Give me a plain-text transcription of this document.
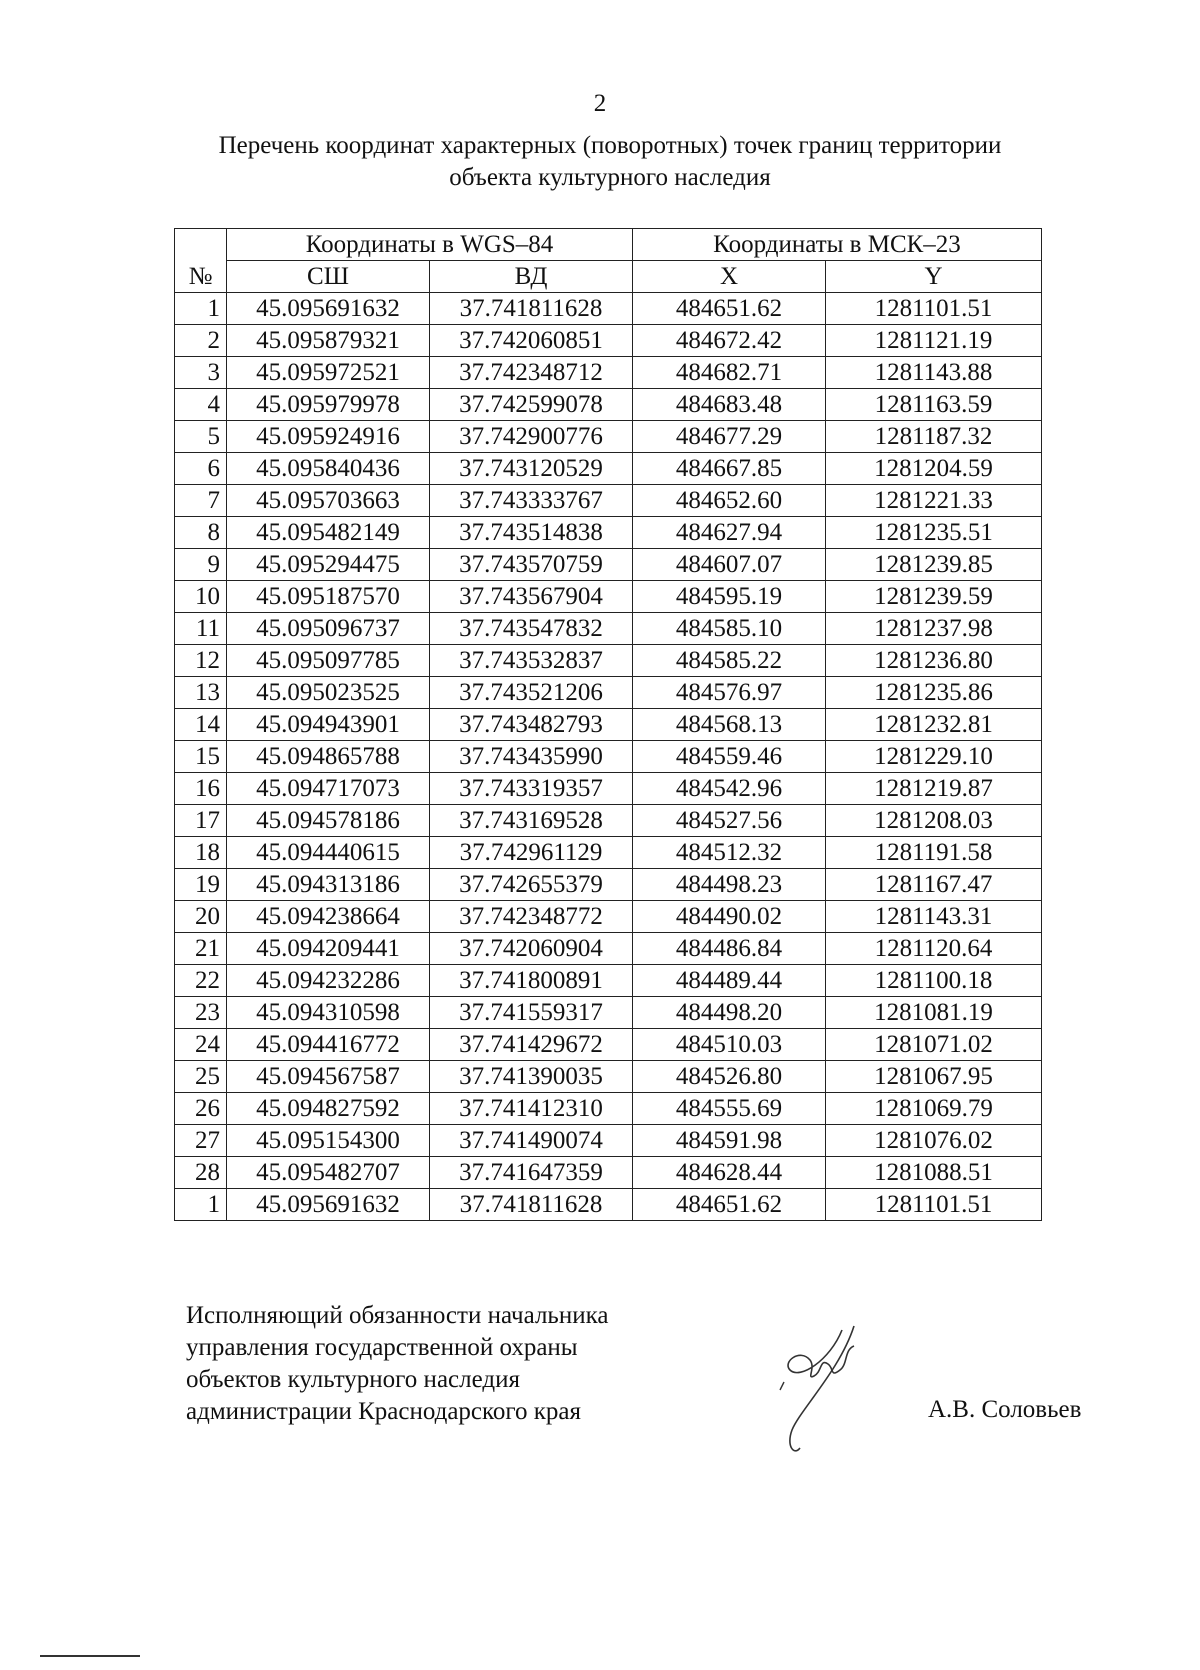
2
Перечень координат характерных (поворотных) точек границ территории
объекта культурного наследия
№	Координаты в WGS–84		Координаты в МСК–23	
	СШ	ВД	X	Y
1	45.095691632	37.741811628	484651.62	1281101.51
2	45.095879321	37.742060851	484672.42	1281121.19
3	45.095972521	37.742348712	484682.71	1281143.88
4	45.095979978	37.742599078	484683.48	1281163.59
5	45.095924916	37.742900776	484677.29	1281187.32
6	45.095840436	37.743120529	484667.85	1281204.59
7	45.095703663	37.743333767	484652.60	1281221.33
8	45.095482149	37.743514838	484627.94	1281235.51
9	45.095294475	37.743570759	484607.07	1281239.85
10	45.095187570	37.743567904	484595.19	1281239.59
11	45.095096737	37.743547832	484585.10	1281237.98
12	45.095097785	37.743532837	484585.22	1281236.80
13	45.095023525	37.743521206	484576.97	1281235.86
14	45.094943901	37.743482793	484568.13	1281232.81
15	45.094865788	37.743435990	484559.46	1281229.10
16	45.094717073	37.743319357	484542.96	1281219.87
17	45.094578186	37.743169528	484527.56	1281208.03
18	45.094440615	37.742961129	484512.32	1281191.58
19	45.094313186	37.742655379	484498.23	1281167.47
20	45.094238664	37.742348772	484490.02	1281143.31
21	45.094209441	37.742060904	484486.84	1281120.64
22	45.094232286	37.741800891	484489.44	1281100.18
23	45.094310598	37.741559317	484498.20	1281081.19
24	45.094416772	37.741429672	484510.03	1281071.02
25	45.094567587	37.741390035	484526.80	1281067.95
26	45.094827592	37.741412310	484555.69	1281069.79
27	45.095154300	37.741490074	484591.98	1281076.02
28	45.095482707	37.741647359	484628.44	1281088.51
1	45.095691632	37.741811628	484651.62	1281101.51
Исполняющий обязанности начальника
управления государственной охраны
объектов культурного наследия
администрации Краснодарского края	А.В. Соловьев
